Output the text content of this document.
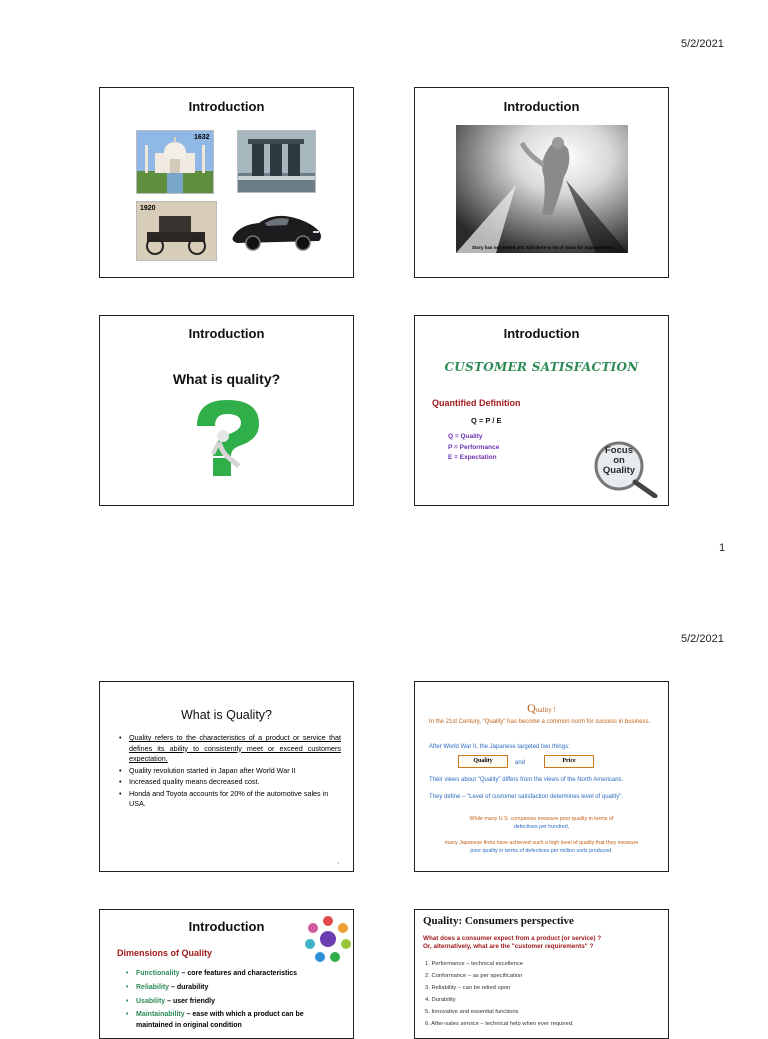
5/2/2021
Introduction
1632
1920
Introduction
Story has not ended yet! Still there is lot of room for improvement.
Introduction
What is quality?
Introduction
CUSTOMER SATISFACTION
Quantified Definition
Q = P / E
Q = Quality
P = Performance
E = Expectation
Focus
on
Quality
1
5/2/2021
What is Quality?
• Quality refers to the characteristics of a product or service that defines its ability to consistently meet or exceed customers expectation.
• Quality revolution started in Japan after World War II
• Increased quality means decreased cost.
• Honda and Toyota accounts for 20% of the automotive sales in USA.
1
Quality !
In the 21st Century, "Quality" has become a common norm for success in business.
After World War II, the Japanese targeted two things:
Quality	and	Price
Their views about "Quality" differs from the views of the North Americans.
They define – "Level of customer satisfaction determines level of quality".
While many U.S. companies measure poor quality in terms of
defectives per hundred,
many Japanese firms have achieved such a high level of quality that they measure
poor quality in terms of defectives per million units produced.
Introduction
Dimensions of Quality
• Functionality – core features and characteristics
• Reliability – durability
• Usability – user friendly
• Maintainability – ease with which a product can be maintained in original condition
Quality: Consumers perspective
What does a consumer expect from a product (or service) ?
Or, alternatively, what are the "customer requirements" ?
1. Performance – technical excellence
2. Conformance – as per specification
3. Reliability – can be relied upon
4. Durability
5. Innovative and essential functions
6. After-sales service – technical help when ever required.
